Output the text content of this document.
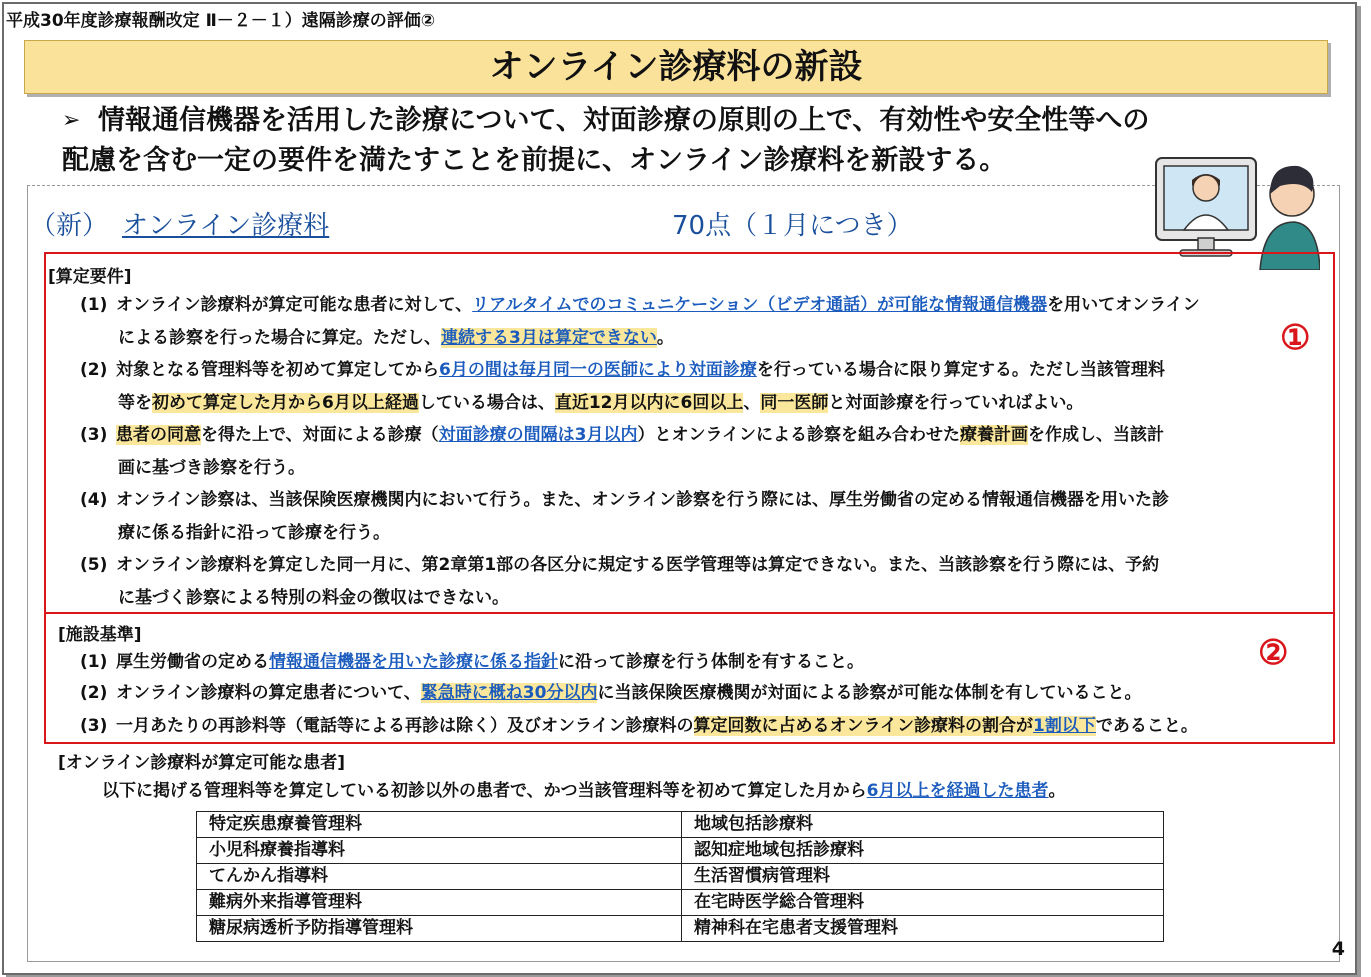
平成30年度診療報酬改定 Ⅱ－２－１）遠隔診療の評価②
オンライン診療料の新設
➢ 情報通信機器を活用した診療について、対面診療の原則の上で、有効性や安全性等への
配慮を含む一定の要件を満たすことを前提に、オンライン診療料を新設する。
（新） オンライン診療料	70点（１月につき）
①
[算定要件]
(1) オンライン診療料が算定可能な患者に対して、リアルタイムでのコミュニケーション（ビデオ通話）が可能な情報通信機器を用いてオンライン
による診察を行った場合に算定。ただし、連続する3月は算定できない。
(2) 対象となる管理料等を初めて算定してから6月の間は毎月同一の医師により対面診療を行っている場合に限り算定する。ただし当該管理料
等を初めて算定した月から6月以上経過している場合は、直近12月以内に6回以上、同一医師と対面診療を行っていればよい。
(3) 患者の同意を得た上で、対面による診療（対面診療の間隔は3月以内）とオンラインによる診察を組み合わせた療養計画を作成し、当該計
画に基づき診察を行う。
(4) オンライン診察は、当該保険医療機関内において行う。また、オンライン診察を行う際には、厚生労働省の定める情報通信機器を用いた診
療に係る指針に沿って診療を行う。
(5) オンライン診療料を算定した同一月に、第2章第1部の各区分に規定する医学管理等は算定できない。また、当該診察を行う際には、予約
に基づく診察による特別の料金の徴収はできない。
②
[施設基準]
(1) 厚生労働省の定める情報通信機器を用いた診療に係る指針に沿って診療を行う体制を有すること。
(2) オンライン診療料の算定患者について、緊急時に概ね30分以内に当該保険医療機関が対面による診察が可能な体制を有していること。
(3) 一月あたりの再診料等（電話等による再診は除く）及びオンライン診療料の算定回数に占めるオンライン診療料の割合が1割以下であること。
[オンライン診療料が算定可能な患者]
以下に掲げる管理料等を算定している初診以外の患者で、かつ当該管理料等を初めて算定した月から6月以上を経過した患者。
特定疾患療養管理料	地域包括診療料
小児科療養指導料	認知症地域包括診療料
てんかん指導料	生活習慣病管理料
難病外来指導管理料	在宅時医学総合管理料
糖尿病透析予防指導管理料	精神科在宅患者支援管理料
4
